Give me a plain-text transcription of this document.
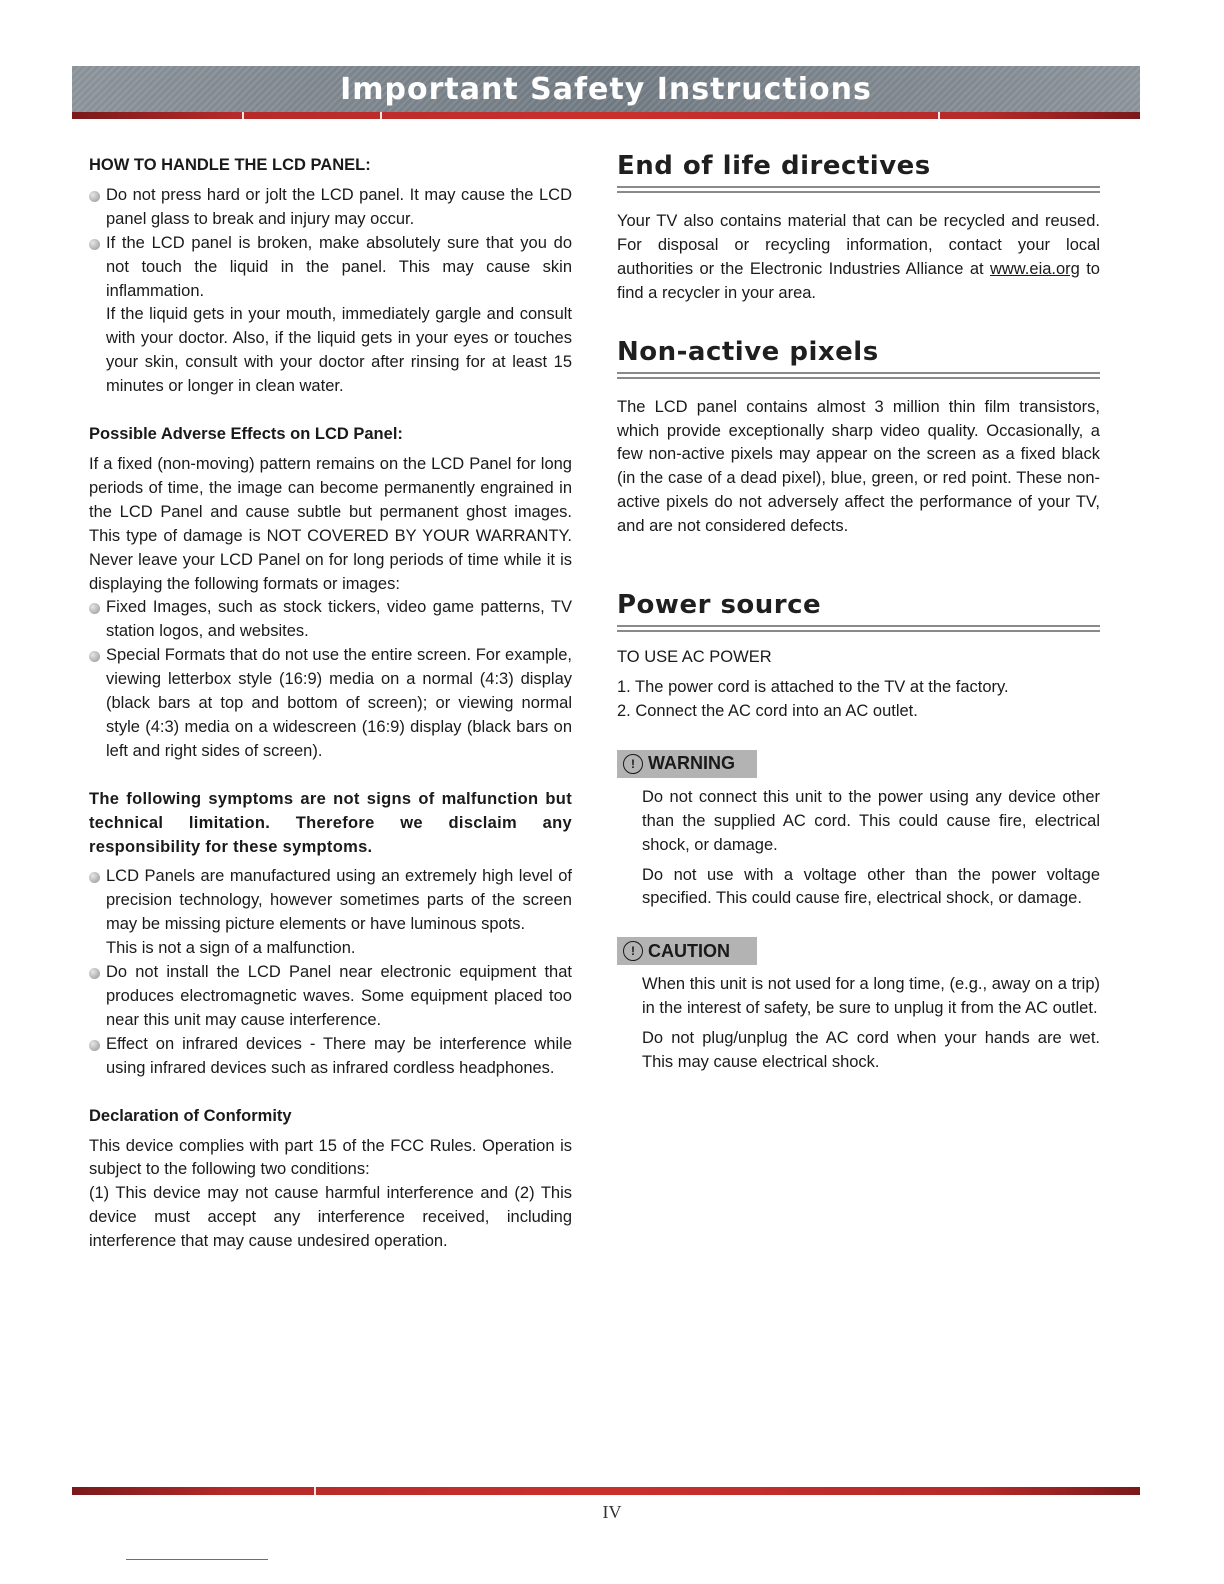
Important Safety Instructions
HOW TO HANDLE THE LCD PANEL:
Do not press hard or jolt the LCD panel. It may cause the LCD panel glass to break and injury may occur.
If the LCD panel is broken, make absolutely sure that you do not touch the liquid in the panel. This may cause skin inflammation.
If the liquid gets in your mouth, immediately gargle and consult with your doctor. Also, if the liquid gets in your eyes or touches your skin, consult with your doctor after rinsing for at least 15 minutes or longer in clean water.
Possible Adverse Effects on LCD Panel:
If a fixed (non-moving) pattern remains on the LCD Panel for long periods of time, the image can become permanently engrained in the LCD Panel and cause subtle but permanent ghost images. This type of damage is NOT COVERED BY YOUR WARRANTY. Never leave your LCD Panel on for long periods of time while it is displaying the following formats or images:
Fixed Images, such as stock tickers, video game patterns, TV station logos, and websites.
Special Formats that do not use the entire screen. For example, viewing letterbox style (16:9) media on a normal (4:3) display (black bars at top and bottom of screen); or viewing normal style (4:3) media on a widescreen (16:9) display (black bars on left and right sides of screen).
The following symptoms are not signs of malfunction but technical limitation. Therefore we disclaim any responsibility for these symptoms.
LCD Panels are manufactured using an extremely high level of precision technology, however sometimes parts of the screen may be missing picture elements or have luminous spots.
This is not a sign of a malfunction.
Do not install the LCD Panel near electronic equipment that produces electromagnetic waves. Some equipment placed too near this unit may cause interference.
Effect on infrared devices - There may be interference while using infrared devices such as infrared cordless headphones.
Declaration of Conformity
This device complies with part 15 of the FCC Rules. Operation is subject to the following two conditions:
(1) This device may not cause harmful interference and (2) This device must accept any interference received, including interference that may cause undesired operation.
End of life directives
Your TV also contains material that can be recycled and reused. For disposal or recycling information, contact your local authorities or the Electronic Industries Alliance at www.eia.org to find a recycler in your area.
Non-active pixels
The LCD panel contains almost 3 million thin film transistors, which provide exceptionally sharp video quality. Occasionally, a few non-active pixels may appear on the screen as a fixed black (in the case of a dead pixel), blue, green, or red point. These non-active pixels do not adversely affect the performance of your TV, and are not considered defects.
Power source
TO USE AC POWER
1. The power cord is attached to the TV at the factory.
2. Connect the AC cord into an AC outlet.
! WARNING
Do not connect this unit to the power using any device other than the supplied AC cord. This could cause fire, electrical shock, or damage.
Do not use with a voltage other than the power voltage specified. This could cause fire, electrical shock, or damage.
! CAUTION
When this unit is not used for a long time, (e.g., away on a trip) in the interest of safety, be sure to unplug it from the AC outlet.
Do not plug/unplug the AC cord when your hands are wet. This may cause electrical shock.
IV
